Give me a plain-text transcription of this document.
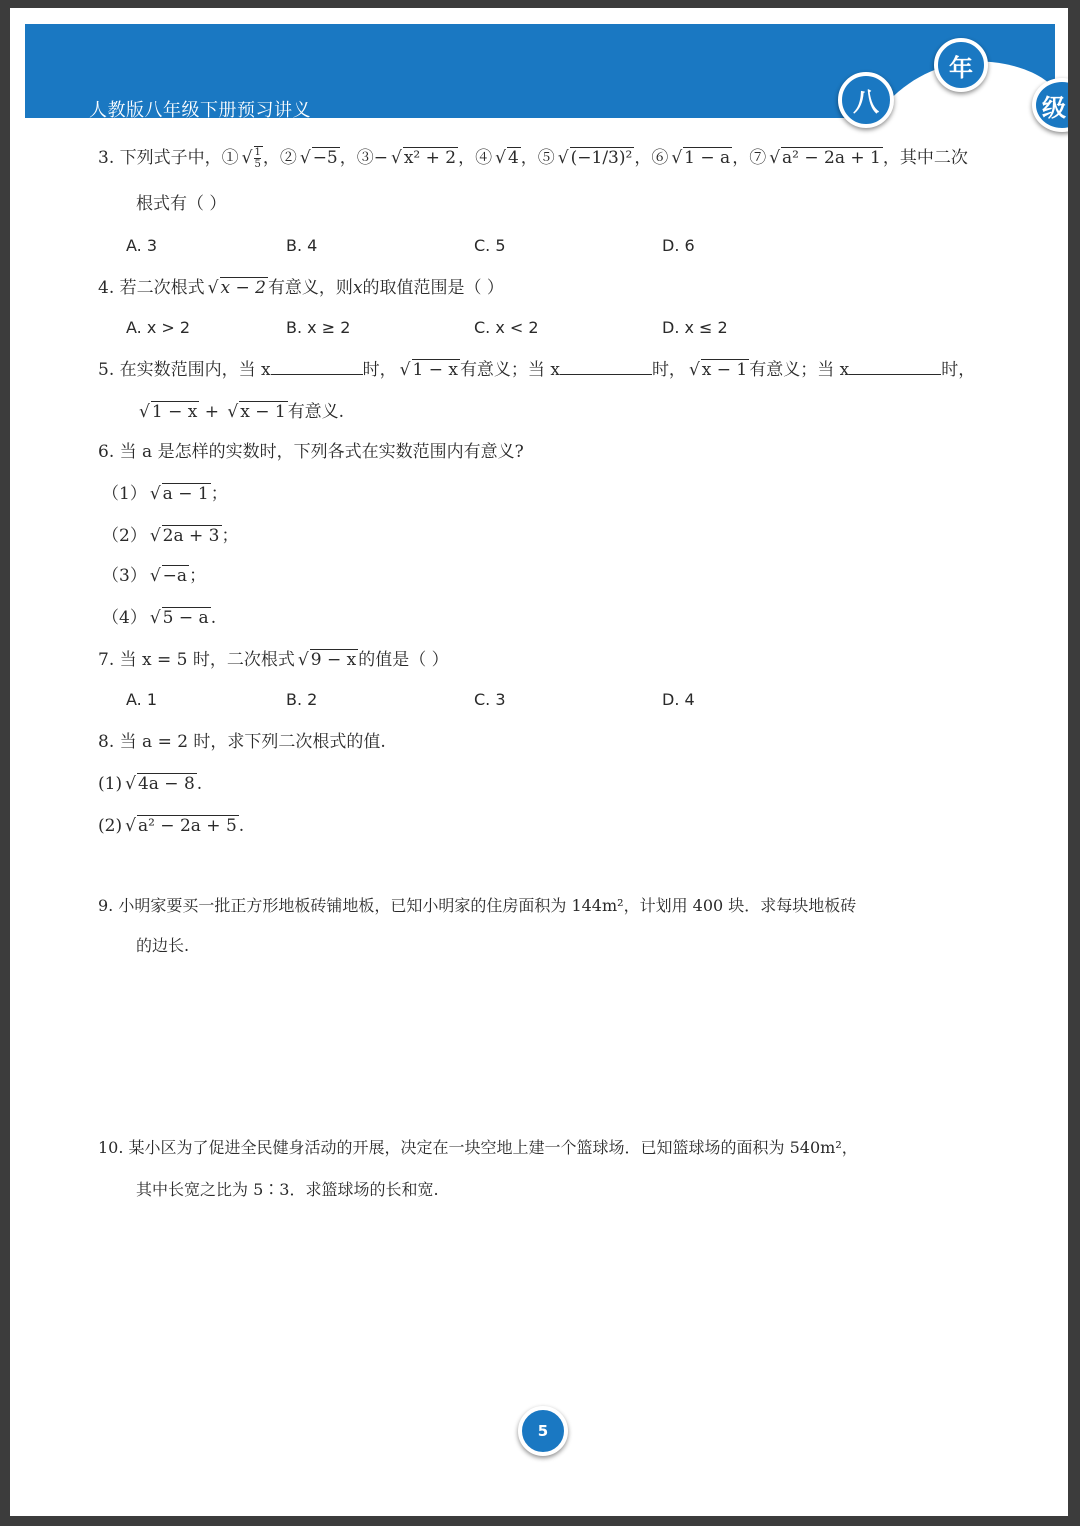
人教版八年级下册预习讲义	八
年
级
3. 下列式子中，① √ $\frac{1}{5}$ ，② √ −5 ，③− √ x² + 2 ，④ √ 4 ，⑤ √ (−1/3)² ，⑥ √ 1 − a ，⑦ √ a² − 2a + 1 ，其中二次
根式有（ ）
A. 3	B. 4	C. 5	D. 6
4. 若二次根式 √ x − 2 有意义，则x的取值范围是（ ）
A. x > 2	B. x ≥ 2	C. x < 2	D. x ≤ 2
5. 在实数范围内，当 x	时， √ 1 − x 有意义；当 x	时， √ x − 1 有意义；当 x	时，
√ 1 − x + √ x − 1 有意义.
6. 当 a 是怎样的实数时，下列各式在实数范围内有意义?
（1） √ a − 1 ；
（2） √ 2a + 3 ；
（3） √ −a ；
（4） √ 5 − a .
7. 当 x = 5 时，二次根式 √ 9 − x 的值是（ ）
A. 1	B. 2	C. 3	D. 4
8. 当 a = 2 时，求下列二次根式的值.
(1) √ 4a − 8 .
(2) √ a² − 2a + 5 .
9. 小明家要买一批正方形地板砖铺地板，已知小明家的住房面积为 144m²，计划用 400 块．求每块地板砖
的边长.
10. 某小区为了促进全民健身活动的开展，决定在一块空地上建一个篮球场．已知篮球场的面积为 540m²，
其中长宽之比为 5∶3．求篮球场的长和宽.
5
